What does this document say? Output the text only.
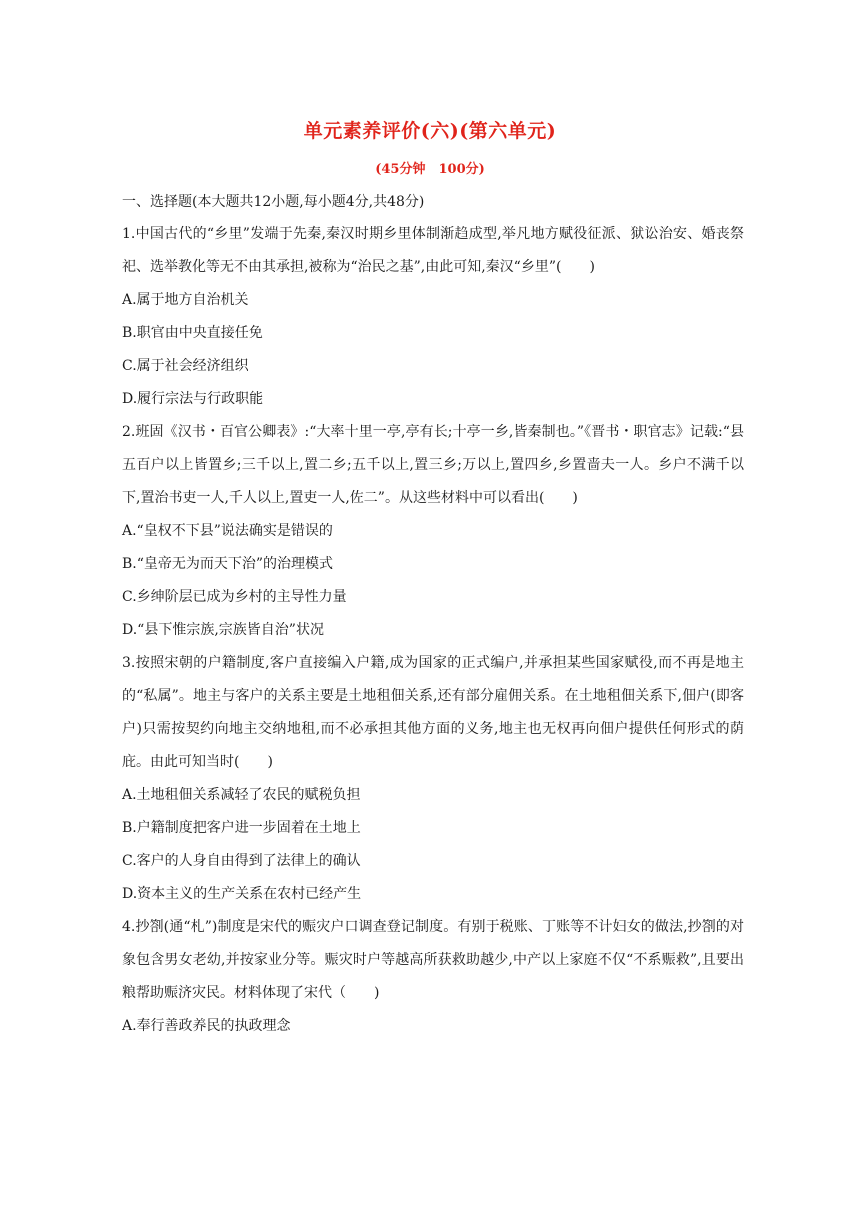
单元素养评价(六)(第六单元)
(45分钟　100分)
一、选择题(本大题共12小题,每小题4分,共48分)

1.中国古代的“乡里”发端于先秦,秦汉时期乡里体制渐趋成型,举凡地方赋役征派、狱讼治安、婚丧祭祀、选举教化等无不由其承担,被称为“治民之基”,由此可知,秦汉“乡里”(　　)

A.属于地方自治机关
B.职官由中央直接任免
C.属于社会经济组织
D.履行宗法与行政职能

2.班固《汉书・百官公卿表》:“大率十里一亭,亭有长;十亭一乡,皆秦制也。”《晋书・职官志》记载:“县五百户以上皆置乡;三千以上,置二乡;五千以上,置三乡;万以上,置四乡,乡置啬夫一人。乡户不满千以下,置治书吏一人,千人以上,置吏一人,佐二”。从这些材料中可以看出(　　)

A.“皇权不下县”说法确实是错误的
B.“皇帝无为而天下治”的治理模式
C.乡绅阶层已成为乡村的主导性力量
D.“县下惟宗族,宗族皆自治”状况

3.按照宋朝的户籍制度,客户直接编入户籍,成为国家的正式编户,并承担某些国家赋役,而不再是地主的“私属”。地主与客户的关系主要是土地租佃关系,还有部分雇佣关系。在土地租佃关系下,佃户(即客户)只需按契约向地主交纳地租,而不必承担其他方面的义务,地主也无权再向佃户提供任何形式的荫庇。由此可知当时(　　)

A.土地租佃关系减轻了农民的赋税负担
B.户籍制度把客户进一步固着在土地上
C.客户的人身自由得到了法律上的确认
D.资本主义的生产关系在农村已经产生

4.抄劄(通“札”)制度是宋代的赈灾户口调查登记制度。有别于税账、丁账等不计妇女的做法,抄劄的对象包含男女老幼,并按家业分等。赈灾时户等越高所获救助越少,中产以上家庭不仅“不系赈救”,且要出粮帮助赈济灾民。材料体现了宋代（　　)

A.奉行善政养民的执政理念
